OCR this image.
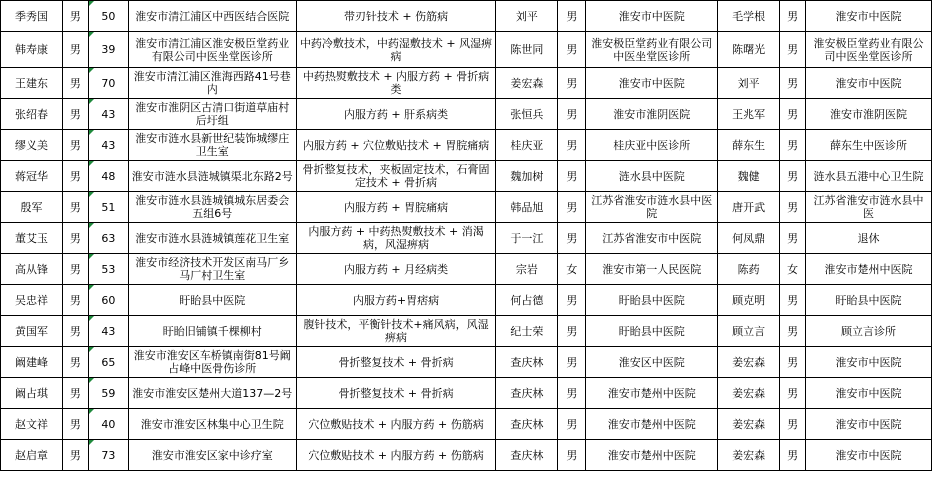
季秀国	男	50	淮安市清江浦区中西医结合医院	带刃针技术 + 伤筋病	刘平	男	淮安市中医院	毛学根	男	淮安市中医院
韩寿康	男	39	淮安市清江浦区淮安极臣堂药业有限公司中医坐堂医诊所	中药冷敷技术，中药湿敷技术 + 风湿痹病	陈世同	男	淮安极臣堂药业有限公司中医坐堂医诊所	陈曙光	男	淮安极臣堂药业有限公司中医坐堂医诊所
王建东	男	70	淮安市清江浦区淮海西路41号巷内	中药热熨敷技术 + 内服方药 + 骨折病类	姜宏森	男	淮安市中医院	刘平	男	淮安市中医院
张绍春	男	43	淮安市淮阴区古清口街道草庙村后圩组	内服方药 + 肝系病类	张恒兵	男	淮安市淮阴医院	王兆军	男	淮安市淮阴医院
缪义美	男	43	淮安市涟水县新世纪装饰城缪庄卫生室	内服方药 + 穴位敷贴技术 + 胃脘痛病	桂庆亚	男	桂庆亚中医诊所	薛东生	男	薛东生中医诊所
蒋冠华	男	48	淮安市涟水县涟城镇渠北东路2号	骨折整复技术，夹板固定技术，石膏固定技术 + 骨折病	魏加树	男	涟水县中医院	魏健	男	涟水县五港中心卫生院
殷军	男	51	淮安市涟水县涟城镇城东居委会五组6号	内服方药 + 胃脘痛病	韩品旭	男	江苏省淮安市涟水县中医院	唐开武	男	江苏省淮安市涟水县中医
董艾玉	男	63	淮安市涟水县涟城镇莲花卫生室	内服方药 + 中药热熨敷技术 + 消渴病，风湿痹病	于一江	男	江苏省淮安市中医院	何凤鼎	男	退休
高从锋	男	53	淮安市经济技术开发区南马厂乡马厂村卫生室	内服方药 + 月经病类	宗岩	女	淮安市第一人民医院	陈药	女	淮安市楚州中医院
吴忠祥	男	60	盱眙县中医院	内服方药+胃痞病	何占德	男	盱眙县中医院	顾克明	男	盱眙县中医院
黄国军	男	43	盱眙旧铺镇千棵柳村	腹针技术，平衡针技术+痛风病，风湿痹病	纪士荣	男	盱眙县中医院	顾立言	男	顾立言诊所
阚建峰	男	65	淮安市淮安区车桥镇南街81号阚占峰中医骨伤诊所	骨折整复技术 + 骨折病	查庆林	男	淮安区中医院	姜宏森	男	淮安市中医院
阚占琪	男	59	淮安市淮安区楚州大道137—2号	骨折整复技术 + 骨折病	查庆林	男	淮安市楚州中医院	姜宏森	男	淮安市中医院
赵文祥	男	40	淮安市淮安区林集中心卫生院	穴位敷贴技术 + 内服方药 + 伤筋病	查庆林	男	淮安市楚州中医院	姜宏森	男	淮安市中医院
赵启章	男	73	淮安市淮安区家中诊疗室	穴位敷贴技术 + 内服方药 + 伤筋病	查庆林	男	淮安市楚州中医院	姜宏森	男	淮安市中医院
